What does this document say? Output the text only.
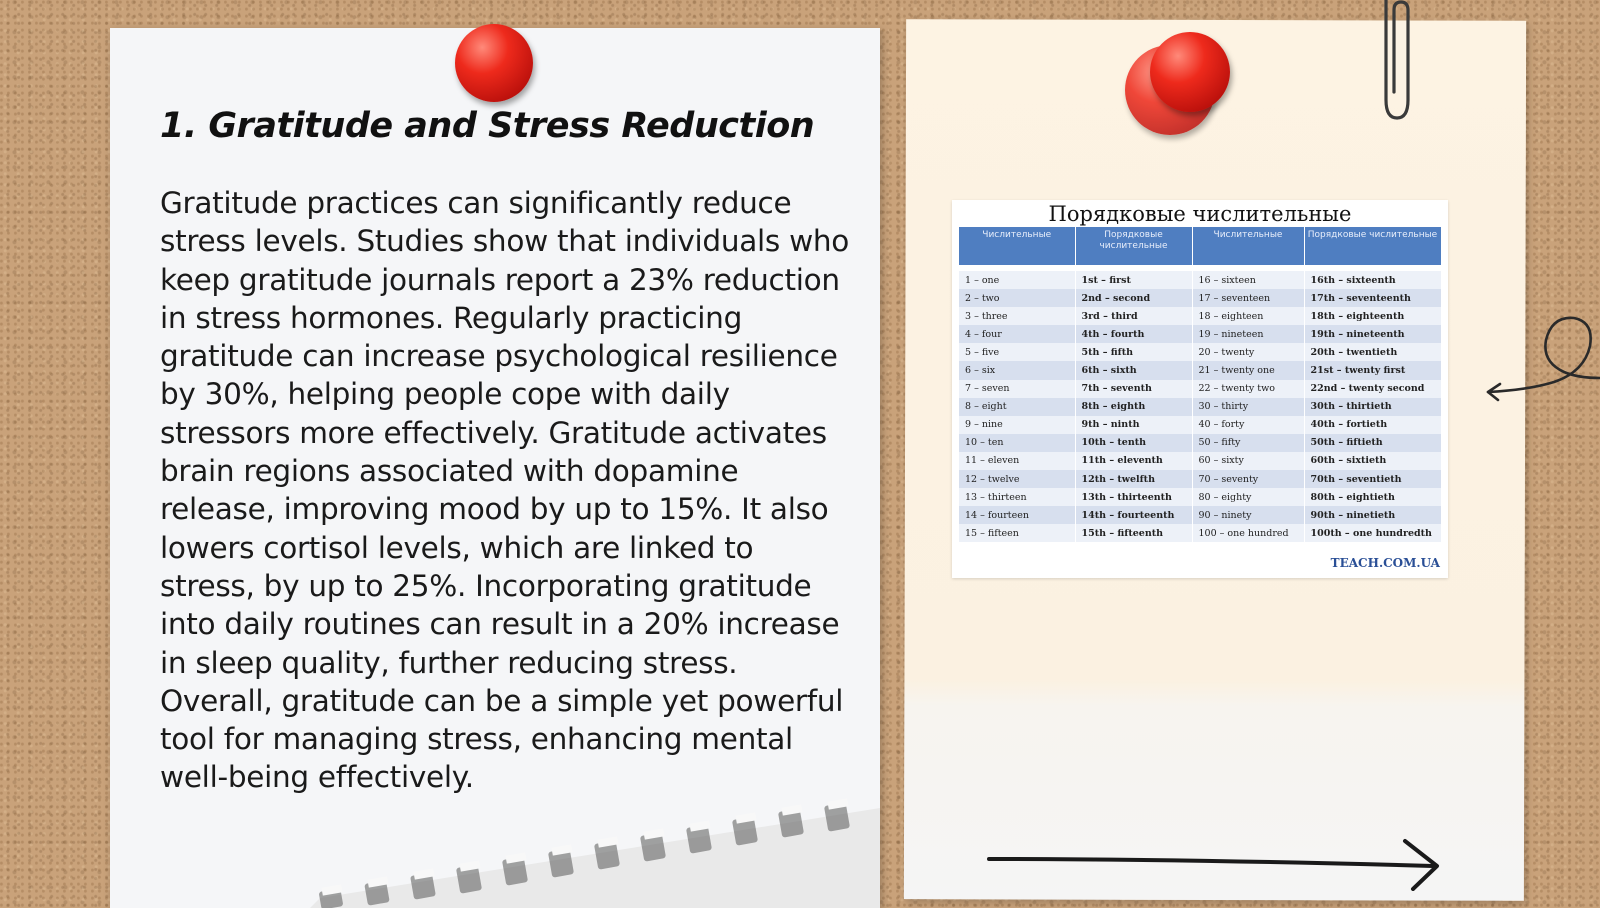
1. Gratitude and Stress Reduction

Gratitude practices can significantly reduce stress levels. Studies show that individuals who keep gratitude journals report a 23% reduction in stress hormones. Regularly practicing gratitude can increase psychological resilience by 30%, helping people cope with daily stressors more effectively. Gratitude activates brain regions associated with dopamine release, improving mood by up to 15%. It also lowers cortisol levels, which are linked to stress, by up to 25%. Incorporating gratitude into daily routines can result in a 20% increase in sleep quality, further reducing stress. Overall, gratitude can be a simple yet powerful tool for managing stress, enhancing mental well-being effectively.

Порядковые числительные
Числительные	Порядковые числительные	Числительные	Порядковые числительные

1 – one	1st – first	16 – sixteen	16th – sixteenth
2 – two	2nd – second	17 – seventeen	17th – seventeenth
3 – three	3rd – third	18 – eighteen	18th – eighteenth
4 – four	4th – fourth	19 – nineteen	19th – nineteenth
5 – five	5th – fifth	20 – twenty	20th – twentieth
6 – six	6th – sixth	21 – twenty one	21st – twenty first
7 – seven	7th – seventh	22 – twenty two	22nd – twenty second
8 – eight	8th – eighth	30 – thirty	30th – thirtieth
9 – nine	9th – ninth	40 – forty	40th – fortieth
10 – ten	10th – tenth	50 – fifty	50th – fiftieth
11 – eleven	11th – eleventh	60 – sixty	60th – sixtieth
12 – twelve	12th – twelfth	70 – seventy	70th – seventieth
13 – thirteen	13th – thirteenth	80 – eighty	80th – eightieth
14 – fourteen	14th – fourteenth	90 – ninety	90th – ninetieth
15 – fifteen	15th – fifteenth	100 – one hundred	100th – one hundredth
TEACH.COM.UA
